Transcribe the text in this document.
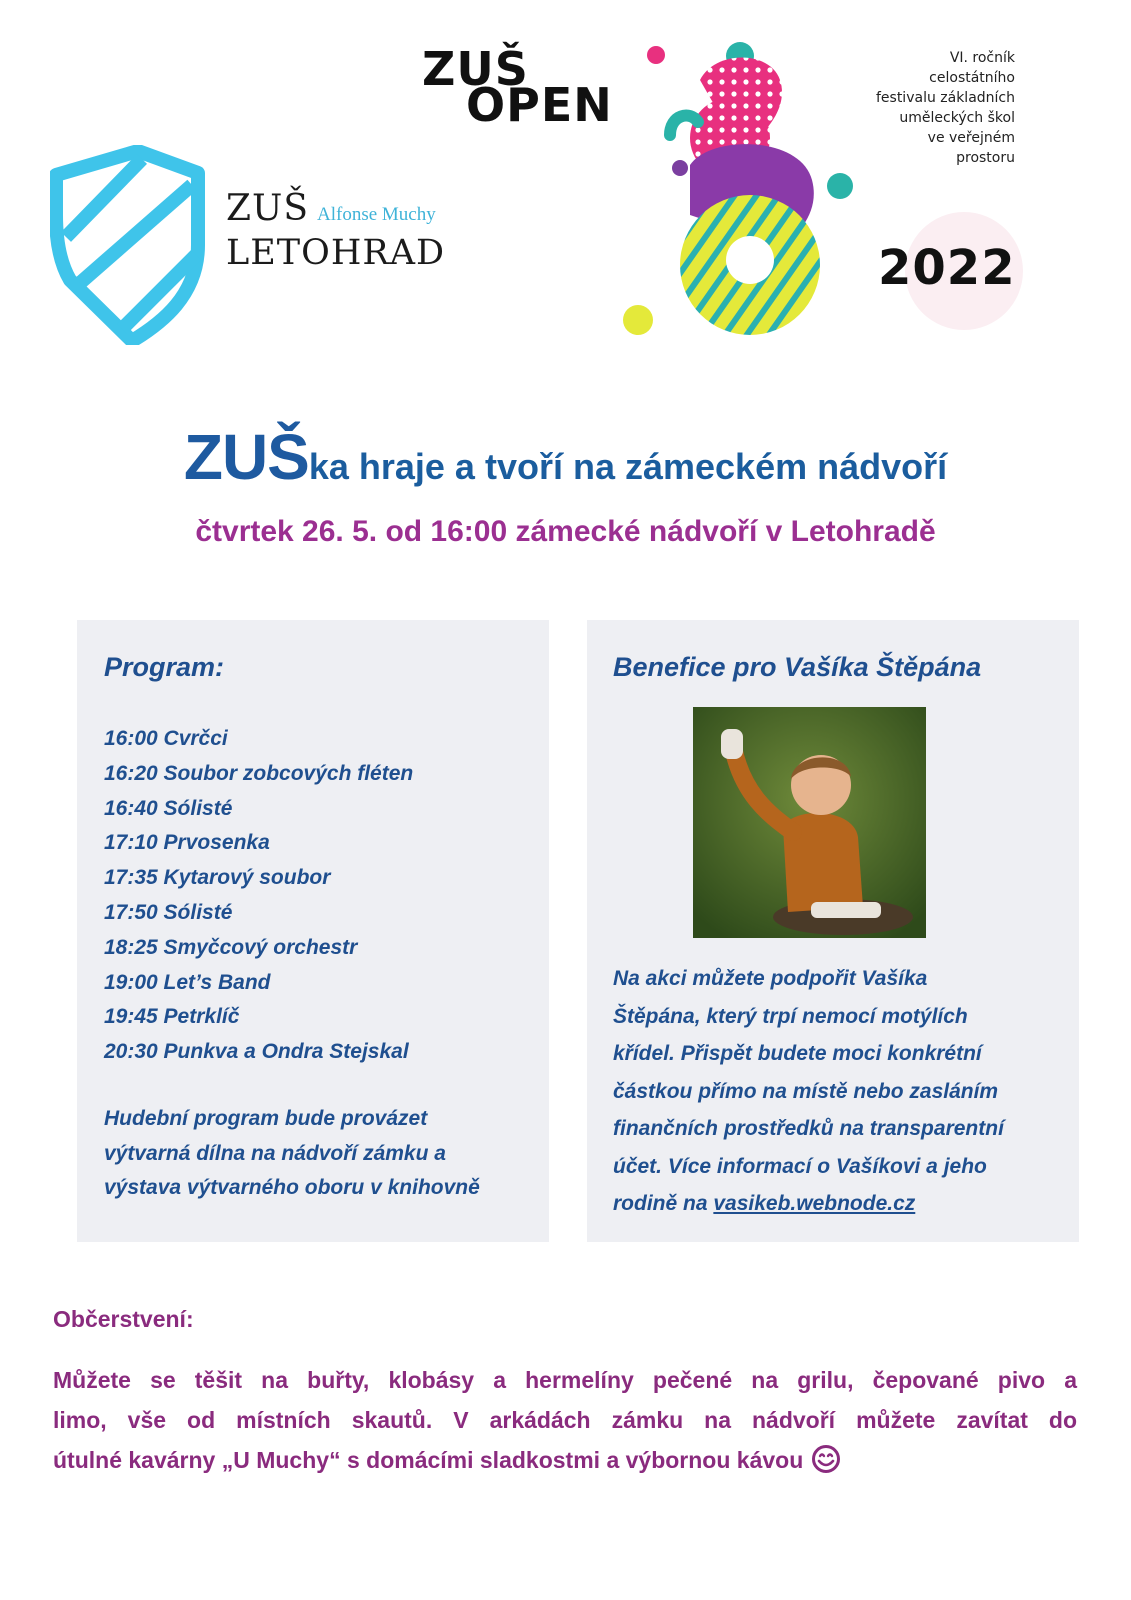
ZUŠ Alfonse Muchy
LETOHRAD
ZUŠ
OPEN
VI. ročník
celostátního
festivalu základních
uměleckých škol
ve veřejném
prostoru
2022
ZUŠka hraje a tvoří na zámeckém nádvoří
čtvrtek 26. 5. od 16:00 zámecké nádvoří v Letohradě
Program:
16:00 Cvrčci
16:20 Soubor zobcových fléten
16:40 Sólisté
17:10 Prvosenka
17:35 Kytarový soubor
17:50 Sólisté
18:25 Smyčcový orchestr
19:00 Let’s Band
19:45 Petrklíč
20:30 Punkva a Ondra Stejskal
Hudební program bude provázet
výtvarná dílna na nádvoří zámku a
výstava výtvarného oboru v knihovně
Benefice pro Vašíka Štěpána
Na akci můžete podpořit Vašíka
Štěpána, který trpí nemocí motýlích
křídel. Přispět budete moci konkrétní
částkou přímo na místě nebo zasláním
finančních prostředků na transparentní
účet. Více informací o Vašíkovi a jeho
rodině na vasikeb.webnode.cz
Občerstvení:
Můžete se těšit na buřty, klobásy a hermelíny pečené na grilu, čepované pivo a
limo, vše od místních skautů. V arkádách zámku na nádvoří můžete zavítat do
útulné kavárny „U Muchy“ s domácími sladkostmi a výbornou kávou
